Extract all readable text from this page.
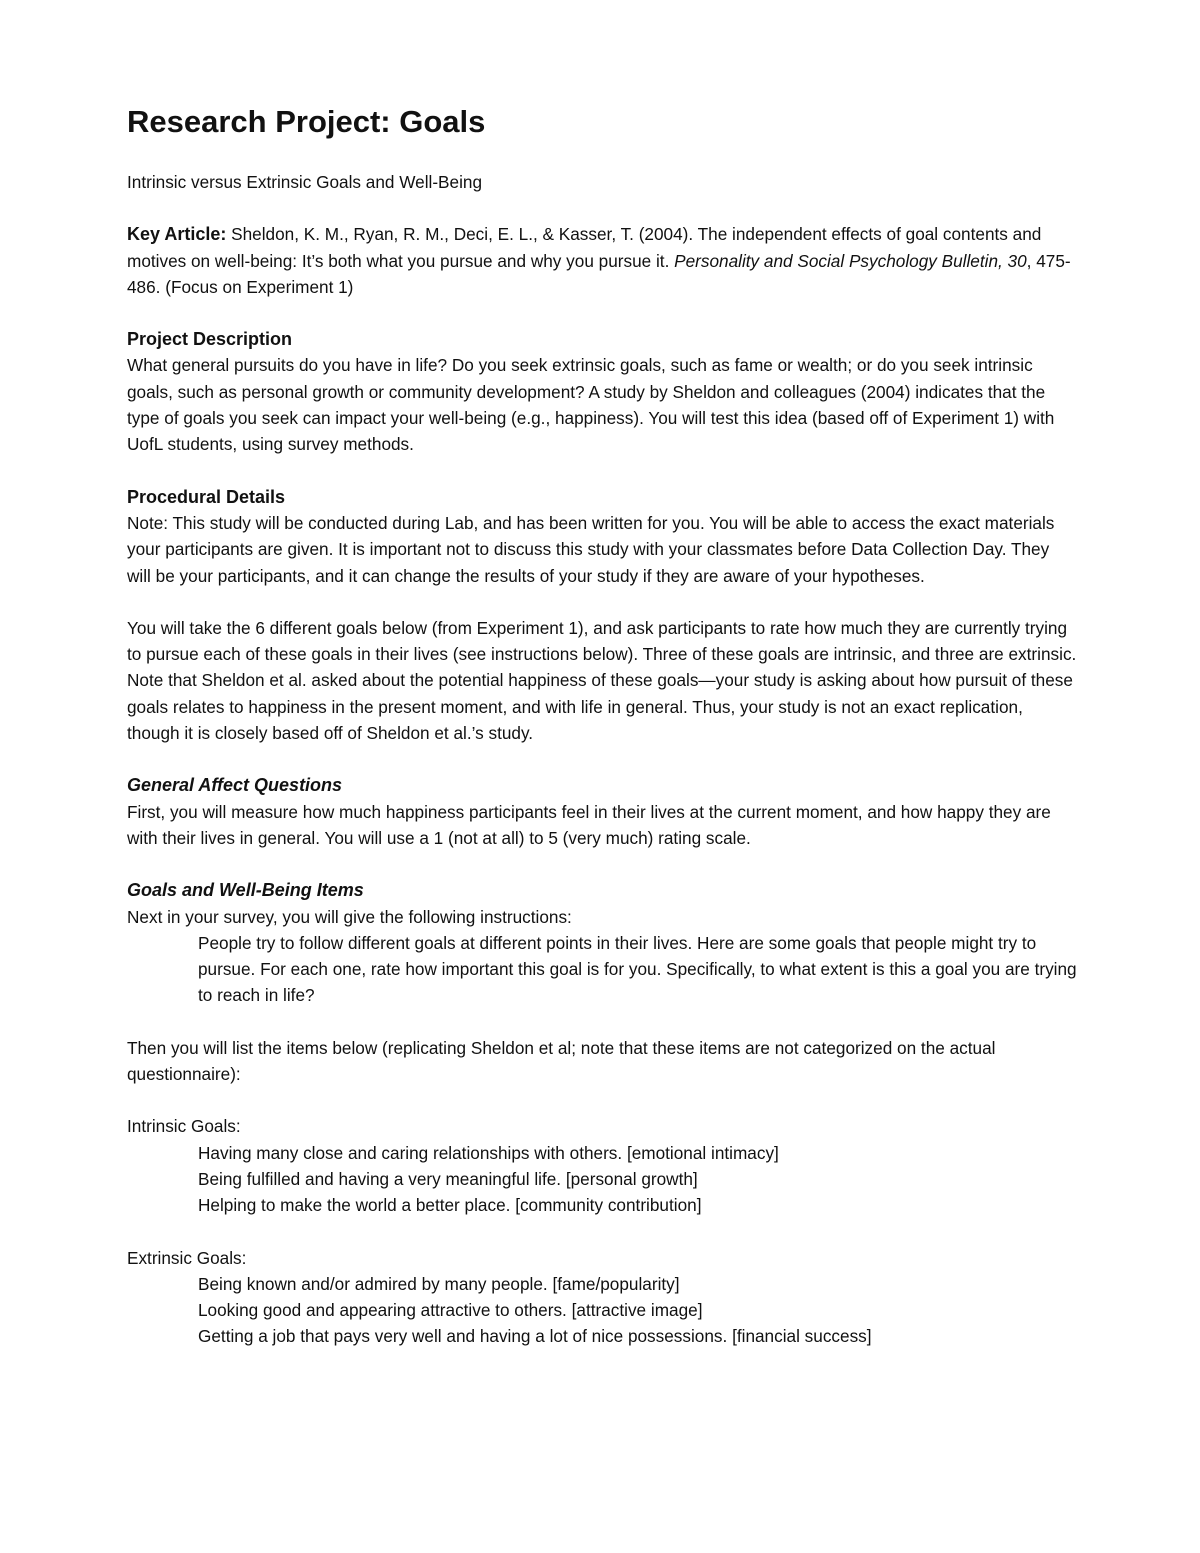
Research Project: Goals

Intrinsic versus Extrinsic Goals and Well-Being

Key Article: Sheldon, K. M., Ryan, R. M., Deci, E. L., & Kasser, T. (2004). The independent effects of goal contents and motives on well-being: It’s both what you pursue and why you pursue it. Personality and Social Psychology Bulletin, 30, 475-486. (Focus on Experiment 1)

Project Description

What general pursuits do you have in life? Do you seek extrinsic goals, such as fame or wealth; or do you seek intrinsic goals, such as personal growth or community development? A study by Sheldon and colleagues (2004) indicates that the type of goals you seek can impact your well-being (e.g., happiness). You will test this idea (based off of Experiment 1) with UofL students, using survey methods.

Procedural Details

Note: This study will be conducted during Lab, and has been written for you. You will be able to access the exact materials your participants are given. It is important not to discuss this study with your classmates before Data Collection Day. They will be your participants, and it can change the results of your study if they are aware of your hypotheses.

You will take the 6 different goals below (from Experiment 1), and ask participants to rate how much they are currently trying to pursue each of these goals in their lives (see instructions below). Three of these goals are intrinsic, and three are extrinsic. Note that Sheldon et al. asked about the potential happiness of these goals—your study is asking about how pursuit of these goals relates to happiness in the present moment, and with life in general. Thus, your study is not an exact replication, though it is closely based off of Sheldon et al.’s study.

General Affect Questions

First, you will measure how much happiness participants feel in their lives at the current moment, and how happy they are with their lives in general. You will use a 1 (not at all) to 5 (very much) rating scale.

Goals and Well-Being Items

Next in your survey, you will give the following instructions:

People try to follow different goals at different points in their lives. Here are some goals that people might try to pursue. For each one, rate how important this goal is for you. Specifically, to what extent is this a goal you are trying to reach in life?

Then you will list the items below (replicating Sheldon et al; note that these items are not categorized on the actual questionnaire):

Intrinsic Goals:

Having many close and caring relationships with others. [emotional intimacy]

Being fulfilled and having a very meaningful life. [personal growth]

Helping to make the world a better place. [community contribution]

Extrinsic Goals:

Being known and/or admired by many people. [fame/popularity]

Looking good and appearing attractive to others. [attractive image]

Getting a job that pays very well and having a lot of nice possessions. [financial success]
